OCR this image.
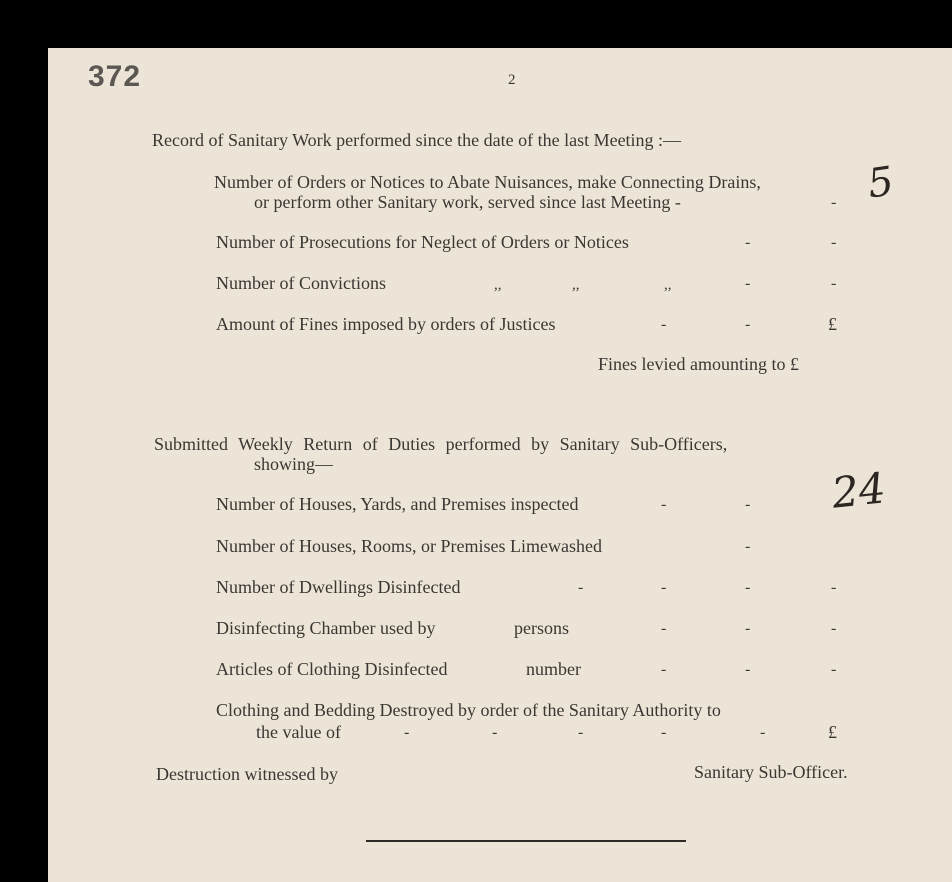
372	2
Record of Sanitary Work performed since the date of the last Meeting :—
Number of Orders or Notices to Abate Nuisances, make Connecting Drains,
or perform other Sanitary work, served since last Meeting -	- 5
Number of Prosecutions for Neglect of Orders or Notices	-	-
Number of Convictions	,,	,,	,,	-	-
Amount of Fines imposed by orders of Justices	-	-	£
Fines levied amounting to £
Submitted Weekly Return of Duties performed by Sanitary Sub-Officers,
showing—
Number of Houses, Yards, and Premises inspected	-	- 24
Number of Houses, Rooms, or Premises Limewashed	-
Number of Dwellings Disinfected	-	-	-	-
Disinfecting Chamber used by	persons	-	-	-
Articles of Clothing Disinfected	number	-	-	-
Clothing and Bedding Destroyed by order of the Sanitary Authority to
the value of	-	-	-	-	-	£
Destruction witnessed by	Sanitary Sub-Officer.
